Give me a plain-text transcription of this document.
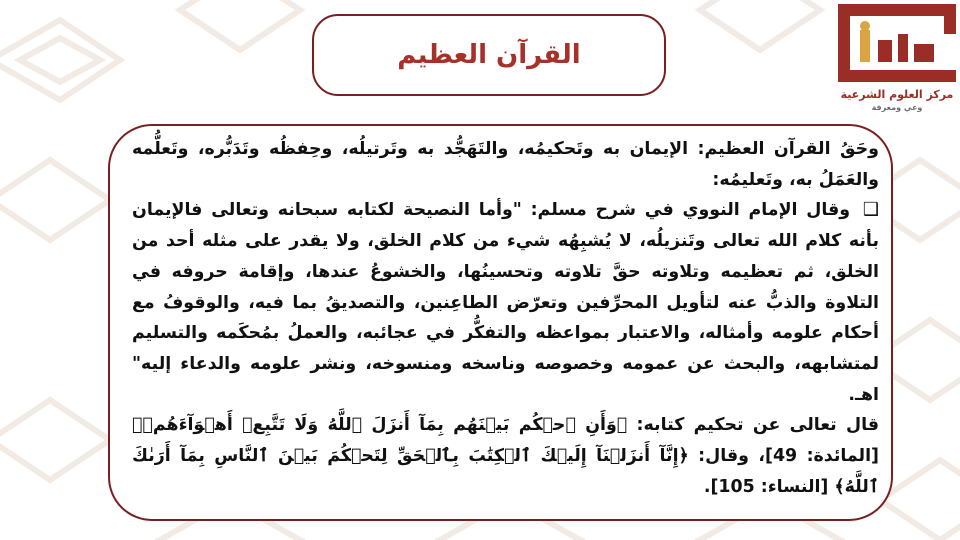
القرآن العظيم
مركز العلوم الشرعية
وعي ومعرفة

وحَقُ القرآن العظيم: الإيمان به وتَحكيمُه، والتَهَجُّد به وتَرتيلُه، وحِفظُه وتَدَبُّره، وتَعلُّمه والعَمَلُ به، وتَعليمُه:

❑ وقال الإمام النووي في شرح مسلم: "وأما النصيحة لكتابه سبحانه وتعالى فالإيمان بأنه كلام الله تعالى وتَنزيلُه، لا يُشبِهُه شيء من كلام الخلق، ولا يقدر على مثله أحد من الخلق، ثم تعظيمه وتلاوته حقَّ تلاوته وتحسينُها، والخشوعُ عندها، وإقامة حروفه في التلاوة والذبُّ عنه لتأويل المحرِّفين وتعرّض الطاعِنين، والتصديقُ بما فيه، والوقوفُ مع أحكام علومه وأمثاله، والاعتبار بمواعظه والتفكُّر في عجائبه، والعملُ بمُحكَمه والتسليم لمتشابهه، والبحث عن عمومه وخصوصه وناسخه ومنسوخه، ونشر علومه والدعاء إليه" اهـ.

قال تعالى عن تحكيم كتابه: ﴿وَأَنِ ٱحۡكُم بَيۡنَهُم بِمَآ أَنزَلَ ٱللَّهُ وَلَا تَتَّبِعۡ أَهۡوَآءَهُمۡ﴾ [المائدة: 49]، وقال: ﴿إِنَّآ أَنزَلۡنَآ إِلَيۡكَ ٱلۡكِتَٰبَ بِٱلۡحَقِّ لِتَحۡكُمَ بَيۡنَ ٱلنَّاسِ بِمَآ أَرَىٰكَ ٱللَّهُ﴾ [النساء: 105].
